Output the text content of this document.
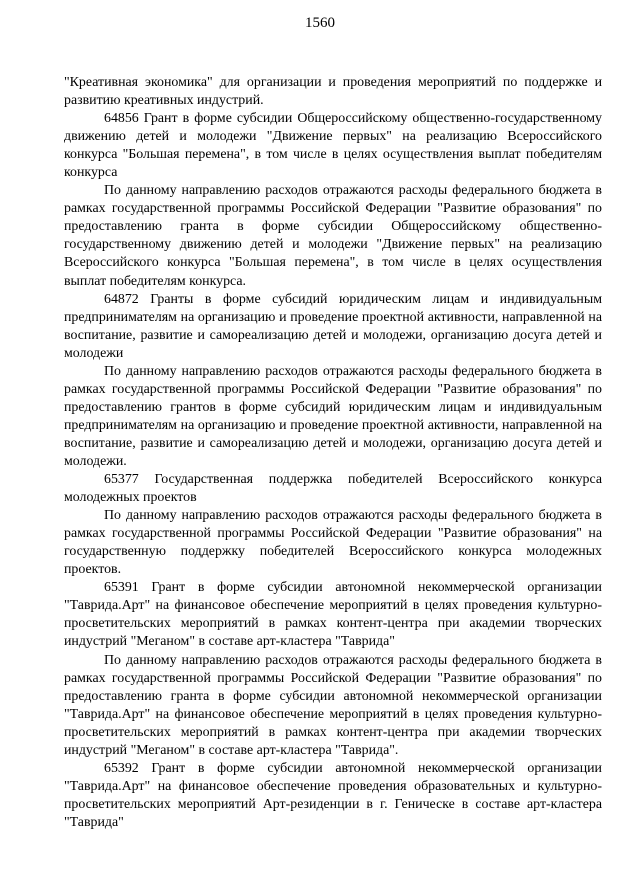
1560

"Креативная экономика" для организации и проведения мероприятий по поддержке и развитию креативных индустрий.

64856 Грант в форме субсидии Общероссийскому общественно-государственному движению детей и молодежи "Движение первых" на реализацию Всероссийского конкурса "Большая перемена", в том числе в целях осуществления выплат победителям конкурса

По данному направлению расходов отражаются расходы федерального бюджета в рамках государственной программы Российской Федерации "Развитие образования" по предоставлению гранта в форме субсидии Общероссийскому общественно-государственному движению детей и молодежи "Движение первых" на реализацию Всероссийского конкурса "Большая перемена", в том числе в целях осуществления выплат победителям конкурса.

64872 Гранты в форме субсидий юридическим лицам и индивидуальным предпринимателям на организацию и проведение проектной активности, направленной на воспитание, развитие и самореализацию детей и молодежи, организацию досуга детей и молодежи

По данному направлению расходов отражаются расходы федерального бюджета в рамках государственной программы Российской Федерации "Развитие образования" по предоставлению грантов в форме субсидий юридическим лицам и индивидуальным предпринимателям на организацию и проведение проектной активности, направленной на воспитание, развитие и самореализацию детей и молодежи, организацию досуга детей и молодежи.

65377 Государственная поддержка победителей Всероссийского конкурса молодежных проектов

По данному направлению расходов отражаются расходы федерального бюджета в рамках государственной программы Российской Федерации "Развитие образования" на государственную поддержку победителей Всероссийского конкурса молодежных проектов.

65391 Грант в форме субсидии автономной некоммерческой организации "Таврида.Арт" на финансовое обеспечение мероприятий в целях проведения культурно-просветительских мероприятий в рамках контент-центра при академии творческих индустрий "Меганом" в составе арт-кластера "Таврида"

По данному направлению расходов отражаются расходы федерального бюджета в рамках государственной программы Российской Федерации "Развитие образования" по предоставлению гранта в форме субсидии автономной некоммерческой организации "Таврида.Арт" на финансовое обеспечение мероприятий в целях проведения культурно-просветительских мероприятий в рамках контент-центра при академии творческих индустрий "Меганом" в составе арт-кластера "Таврида".

65392 Грант в форме субсидии автономной некоммерческой организации "Таврида.Арт" на финансовое обеспечение проведения образовательных и культурно-просветительских мероприятий Арт-резиденции в г. Геническе в составе арт-кластера "Таврида"
